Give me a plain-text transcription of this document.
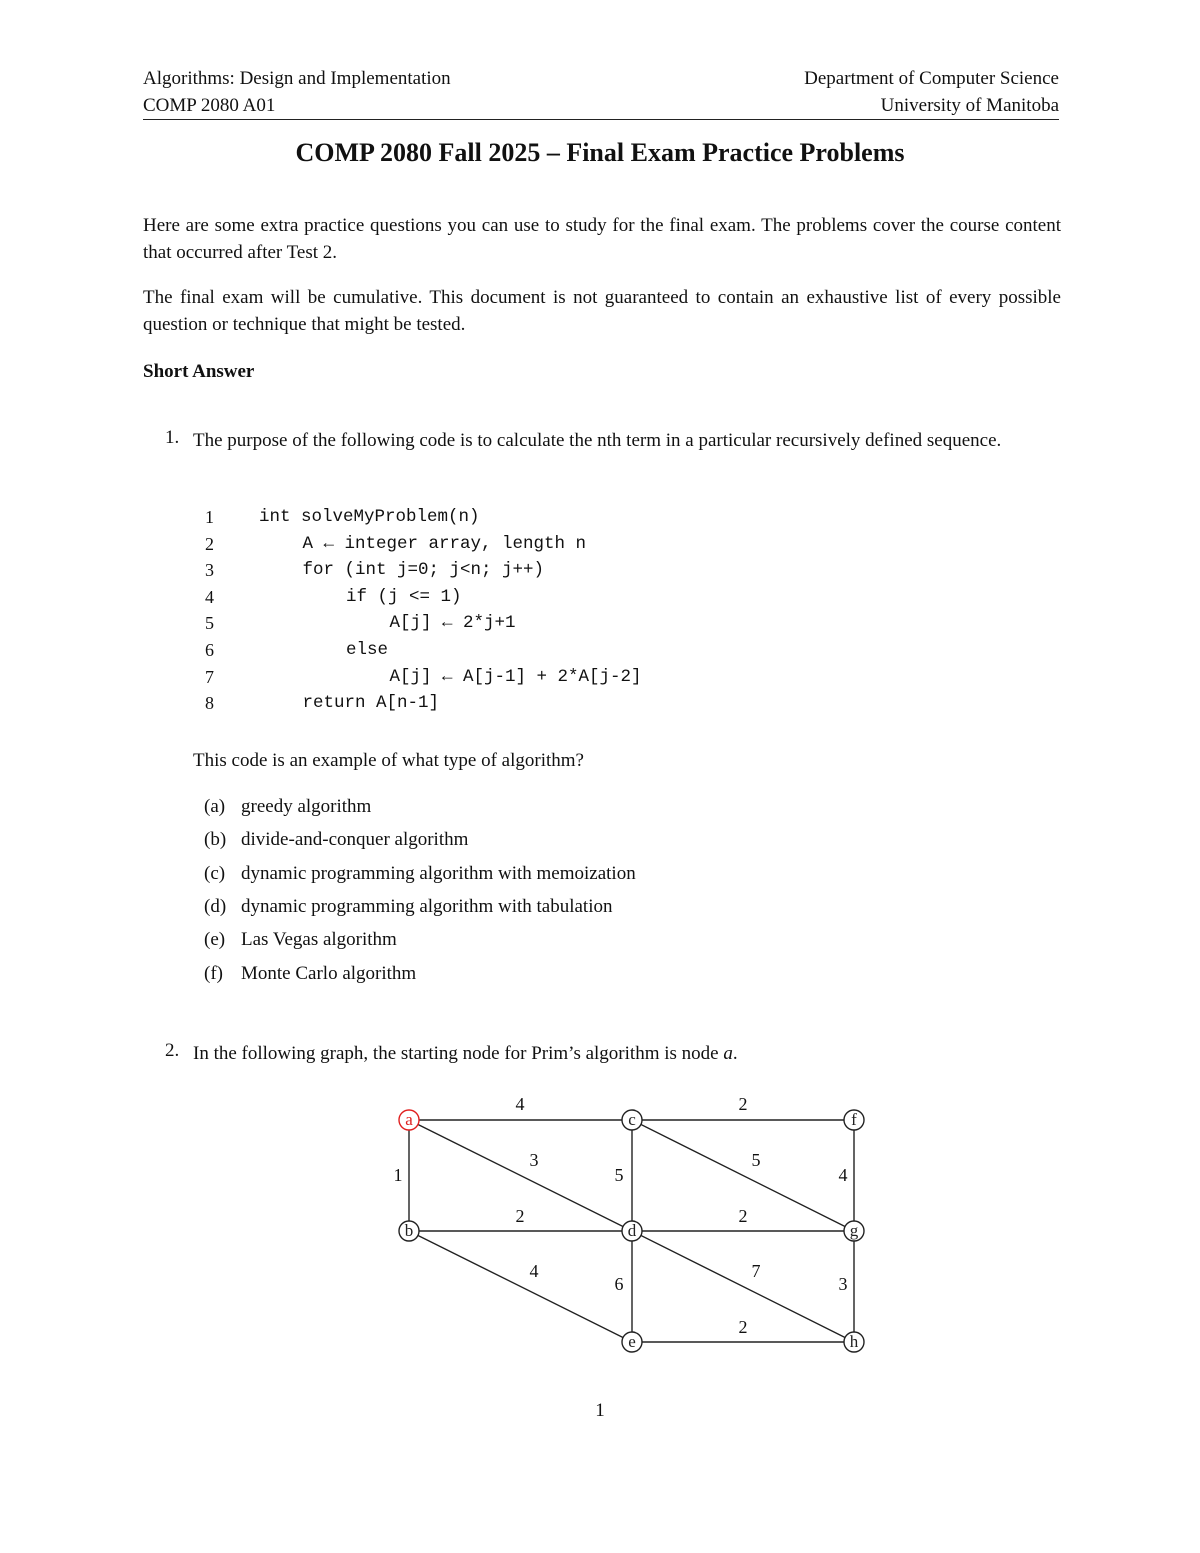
Algorithms: Design and Implementation
COMP 2080 A01
Department of Computer Science
University of Manitoba
COMP 2080 Fall 2025 – Final Exam Practice Problems
Here are some extra practice questions you can use to study for the final exam. The problems cover the course content that occurred after Test 2.
The final exam will be cumulative. This document is not guaranteed to contain an exhaustive list of every possible question or technique that might be tested.
Short Answer
1. The purpose of the following code is to calculate the nth term in a particular recursively defined sequence.
1	int solveMyProblem(n)
2	A ← integer array, length n
3	for (int j=0; j<n; j++)
4	if (j <= 1)
5	A[j] ← 2*j+1
6	else
7	A[j] ← A[j-1] + 2*A[j-2]
8	return A[n-1]
This code is an example of what type of algorithm?
(a) greedy algorithm
(b) divide-and-conquer algorithm
(c) dynamic programming algorithm with memoization
(d) dynamic programming algorithm with tabulation
(e) Las Vegas algorithm
(f) Monte Carlo algorithm
2. In the following graph, the starting node for Prim’s algorithm is node a.
4	2
1
3
5
5
4
2	2
4
6
7
3
2
a
b
c
d
e
f
g
h
1
